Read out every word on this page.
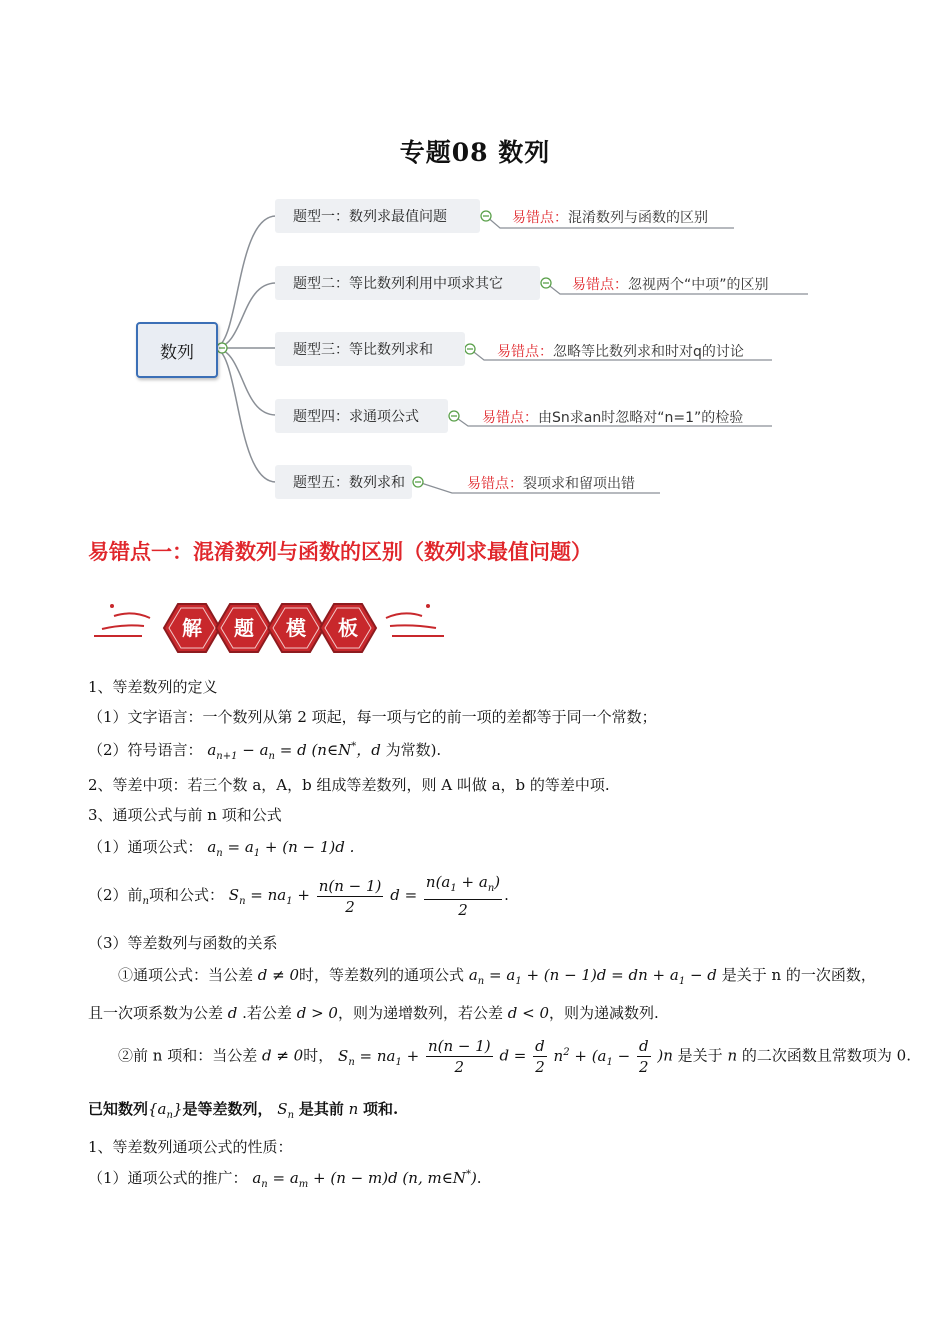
专题08 数列
数列
题型一：数列求最值问题
题型二：等比数列利用中项求其它
题型三：等比数列求和
题型四：求通项公式
题型五：数列求和
易错点：混淆数列与函数的区别
易错点：忽视两个“中项”的区别
易错点：忽略等比数列求和时对q的讨论
易错点：由Sn求an时忽略对“n=1”的检验
易错点：裂项求和留项出错
易错点一：混淆数列与函数的区别（数列求最值问题）
解 题 模 板
1、等差数列的定义
（1）文字语言：一个数列从第 2 项起，每一项与它的前一项的差都等于同一个常数；
（2）符号语言： $a_{n+1} - a_n = d$ (n∈N*，d 为常数).
2、等差中项：若三个数 a，A，b 组成等差数列，则 A 叫做 a，b 的等差中项.
3、通项公式与前 n 项和公式
（1）通项公式： $a_n = a_1 + (n - 1)d$ .
（2）前$_n$项和公式： $S_n = na_1 + \frac{n(n - 1)}{2}$ $d = \frac{n(a_1 + a_n)}{2}$ .
（3）等差数列与函数的关系
①通项公式：当公差 d ≠ 0时，等差数列的通项公式 $a_n = a_1 + (n - 1)d$ = dn + $a_1 - d$ 是关于 n 的一次函数，
且一次项系数为公差 d .若公差 d > 0，则为递增数列，若公差 d < 0，则为递减数列.
②前 n 项和：当公差 d ≠ 0时， $S_n = na_1 + \frac{n(n - 1)}{2}$ $d = \frac{d}{2} n^2 + (a_1 - \frac{d}{2} )n$ 是关于 n 的二次函数且常数项为 0.
已知数列$\{a_n\}$是等差数列， $S_n$ 是其前 n 项和.
1、等差数列通项公式的性质：
（1）通项公式的推广： $a_n = a_m + (n - m)d$ (n, m∈N*).
